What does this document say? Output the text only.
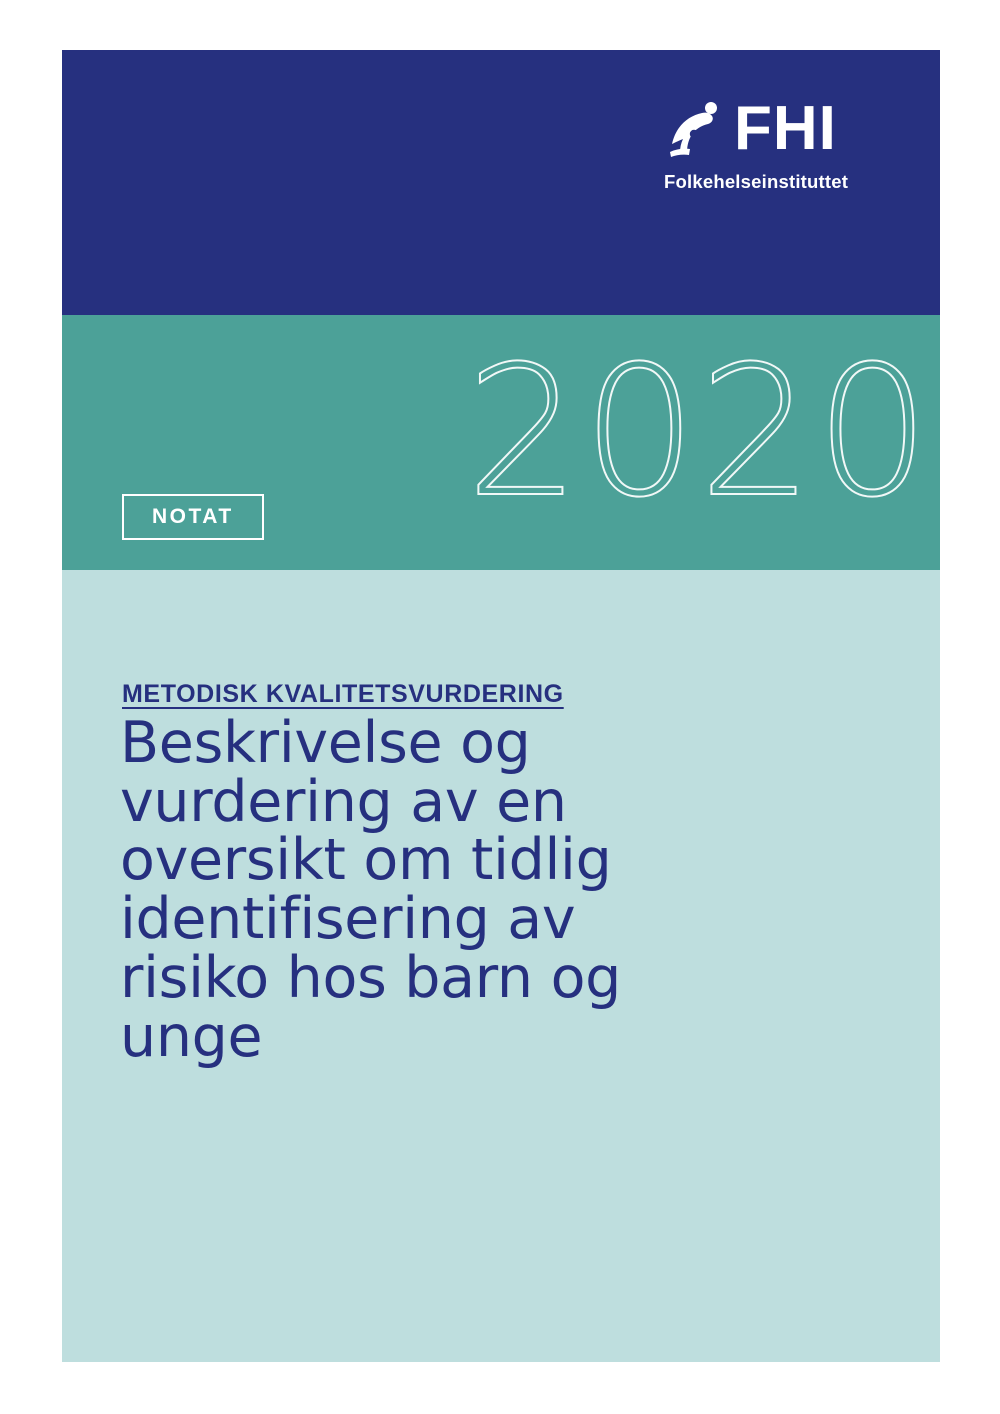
FHI
Folkehelseinstituttet
2020
NOTAT
METODISK KVALITETSVURDERING
Beskrivelse og vurdering av en oversikt om tidlig identifisering av risiko hos barn og unge
